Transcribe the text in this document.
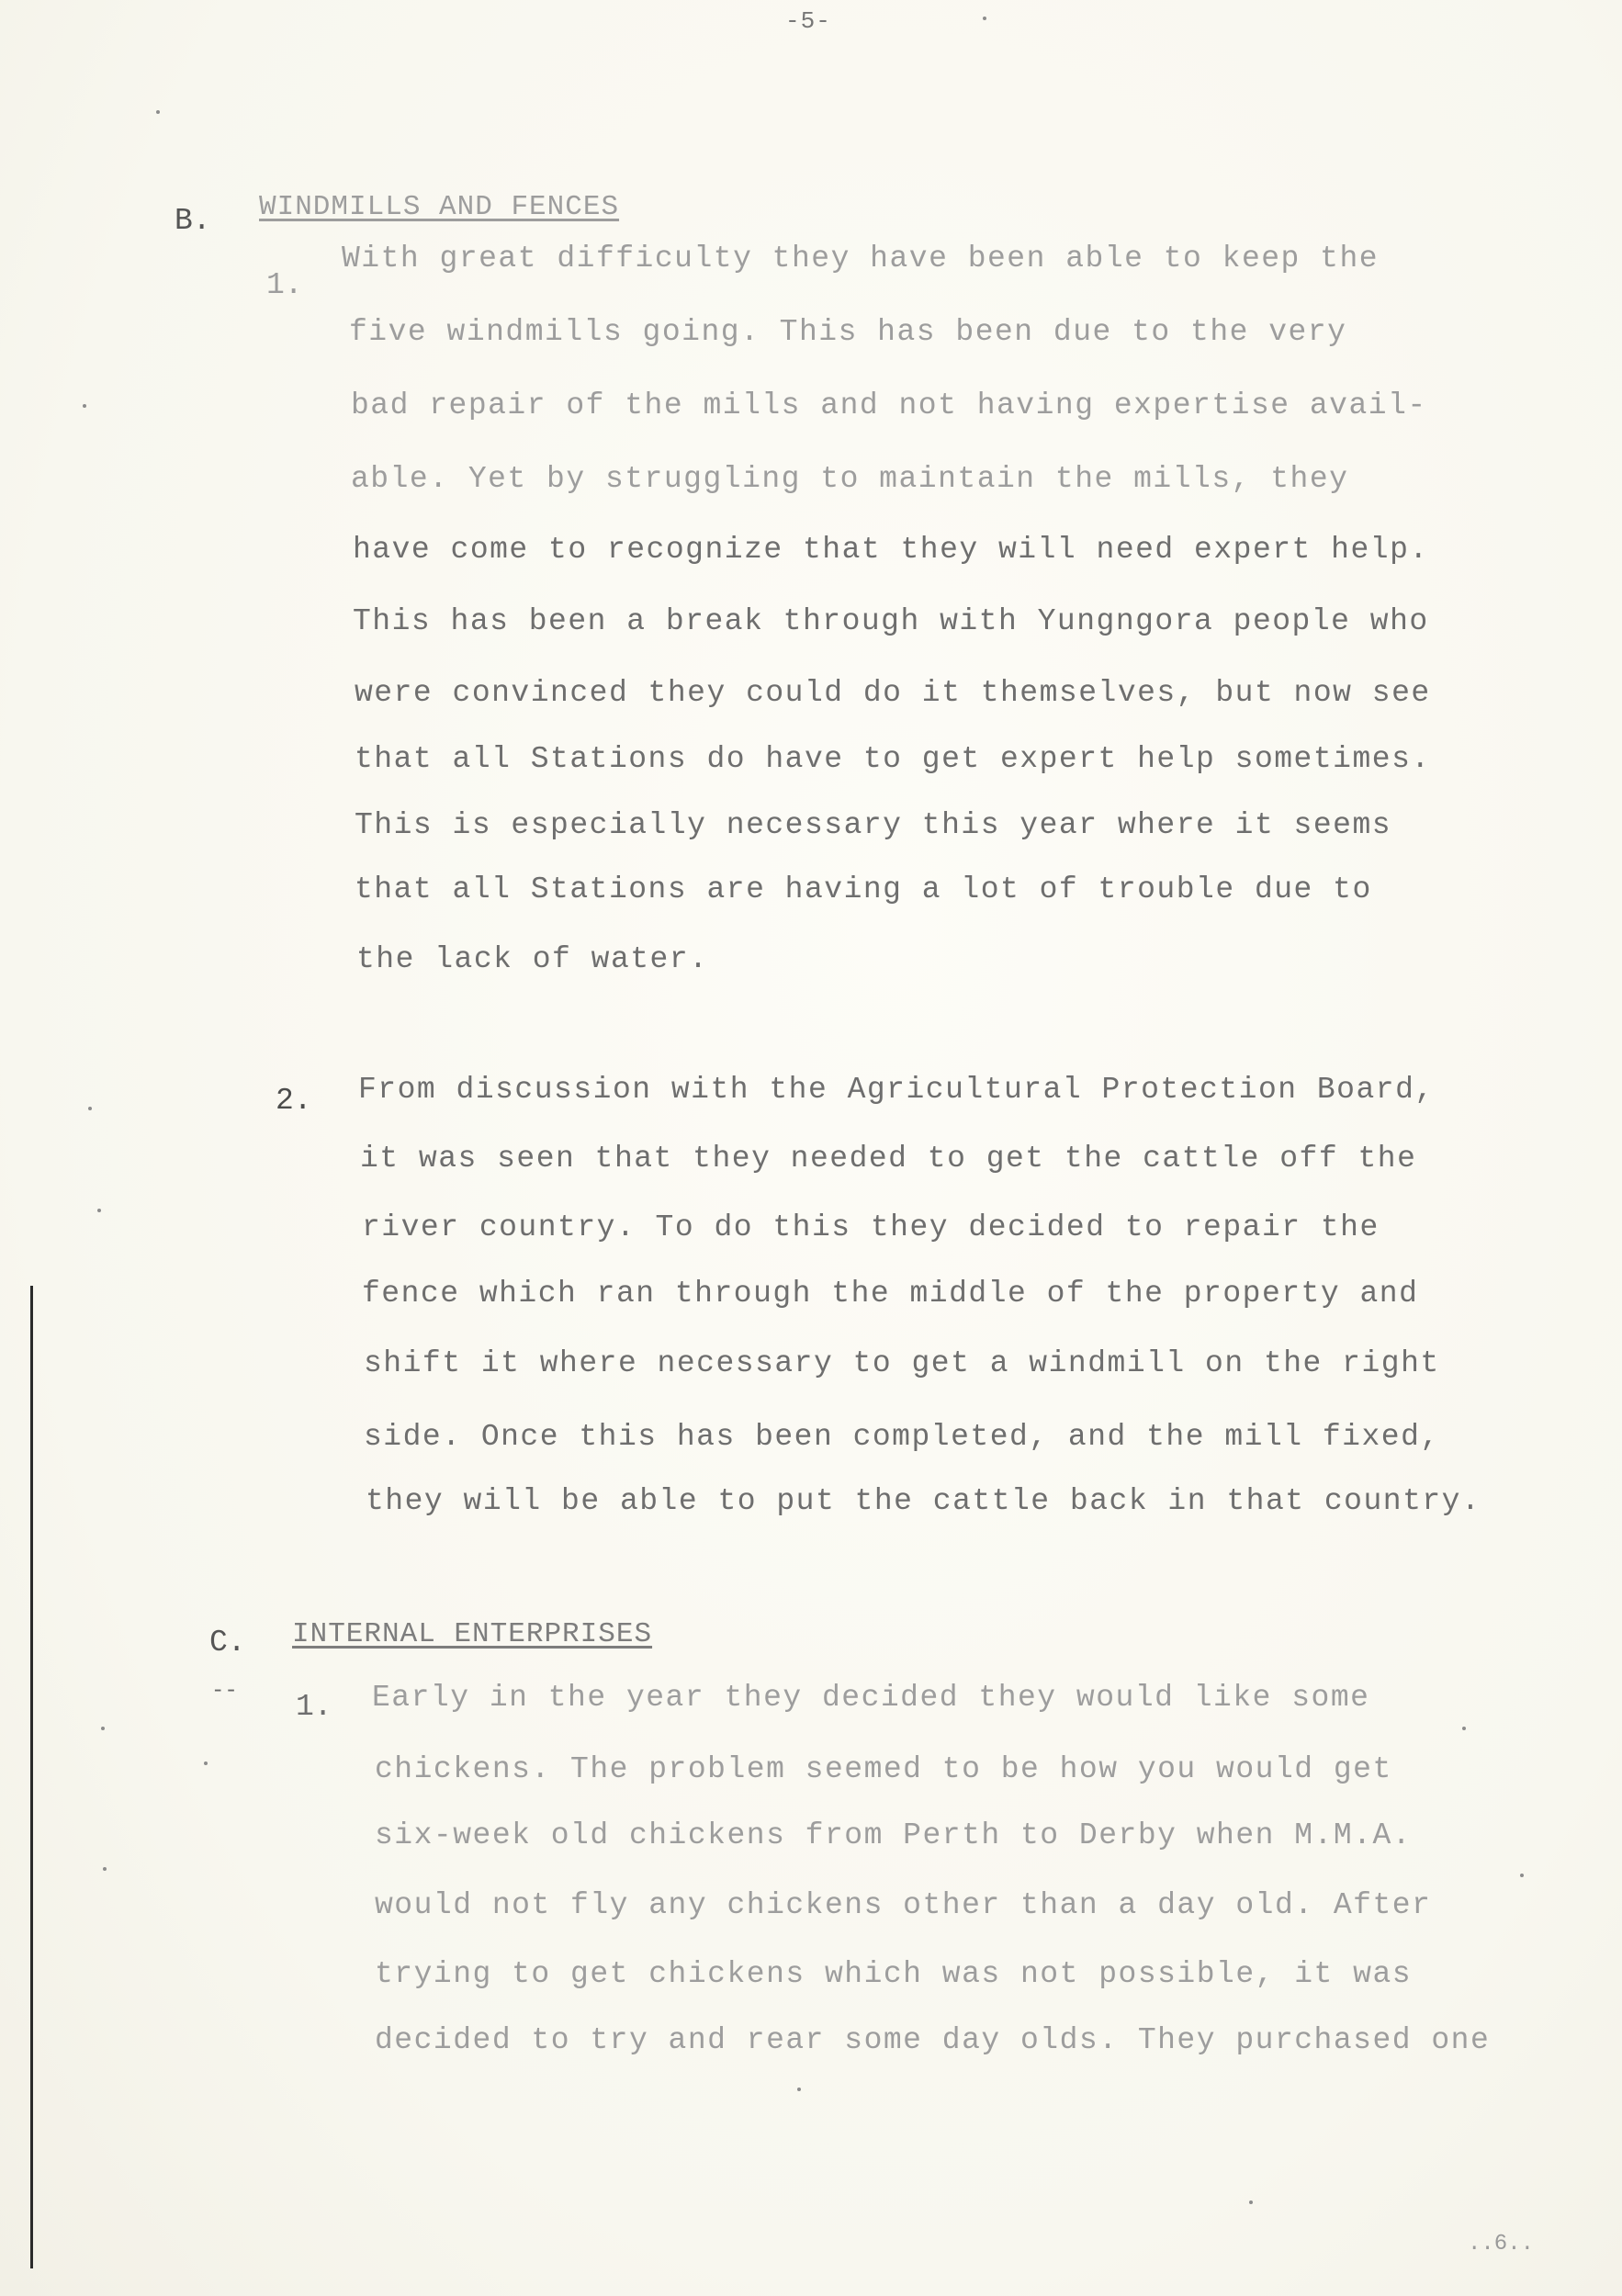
-5-
B. WINDMILLS AND FENCES
1.
With great difficulty they have been able to keep the
five windmills going. This has been due to the very
bad repair of the mills and not having expertise avail-
able. Yet by struggling to maintain the mills, they
have come to recognize that they will need expert help.
This has been a break through with Yungngora people who
were convinced they could do it themselves, but now see
that all Stations do have to get expert help sometimes.
This is especially necessary this year where it seems
that all Stations are having a lot of trouble due to
the lack of water.
2. From discussion with the Agricultural Protection Board,
it was seen that they needed to get the cattle off the
river country. To do this they decided to repair the
fence which ran through the middle of the property and
shift it where necessary to get a windmill on the right
side. Once this has been completed, and the mill fixed,
they will be able to put the cattle back in that country.
C. INTERNAL ENTERPRISES
-- 1. Early in the year they decided they would like some
chickens. The problem seemed to be how you would get
six-week old chickens from Perth to Derby when M.M.A.
would not fly any chickens other than a day old. After
trying to get chickens which was not possible, it was
decided to try and rear some day olds. They purchased one
..6..
